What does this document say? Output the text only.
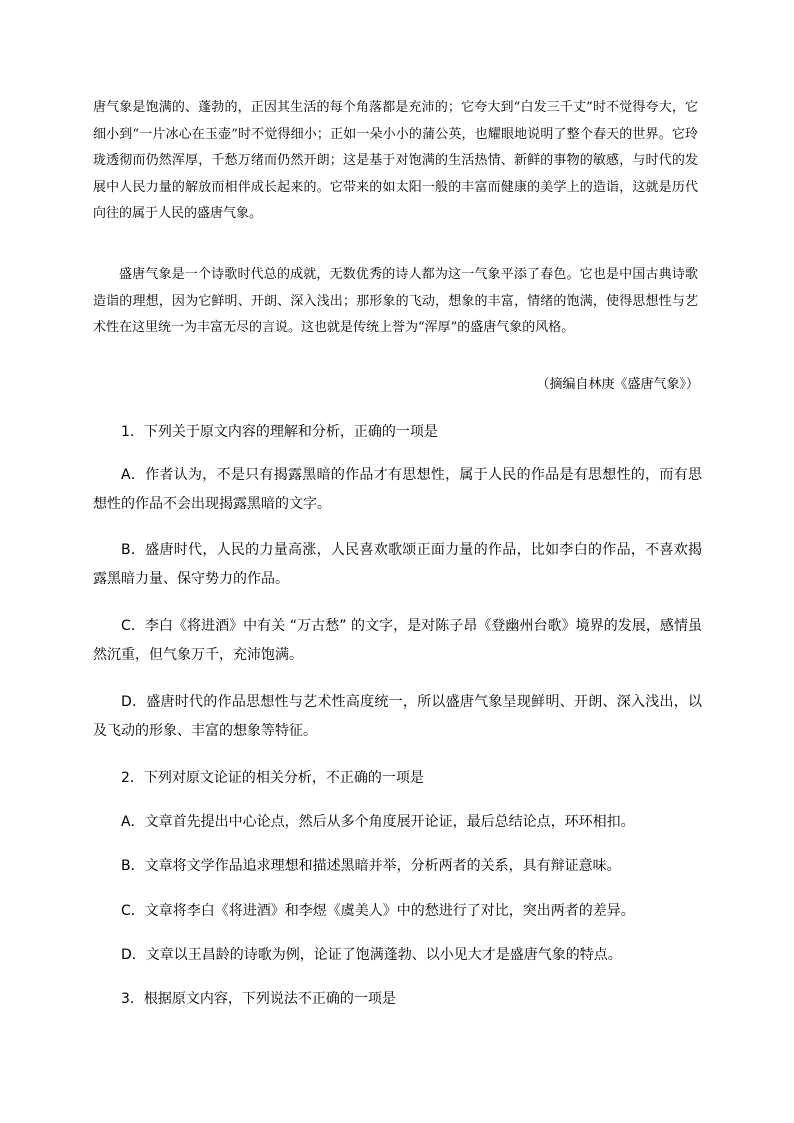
唐气象是饱满的、蓬勃的，正因其生活的每个角落都是充沛的；它夸大到“白发三千丈”时不觉得夸大，它细小到“一片冰心在玉壶”时不觉得细小；正如一朵小小的蒲公英，也耀眼地说明了整个春天的世界。它玲珑透彻而仍然浑厚，千愁万绪而仍然开朗；这是基于对饱满的生活热情、新鲜的事物的敏感，与时代的发展中人民力量的解放而相伴成长起来的。它带来的如太阳一般的丰富而健康的美学上的造诣，这就是历代向往的属于人民的盛唐气象。

盛唐气象是一个诗歌时代总的成就，无数优秀的诗人都为这一气象平添了春色。它也是中国古典诗歌造诣的理想，因为它鲜明、开朗、深入浅出；那形象的飞动，想象的丰富，情绪的饱满，使得思想性与艺术性在这里统一为丰富无尽的言说。这也就是传统上誉为“浑厚”的盛唐气象的风格。

（摘编自林庚《盛唐气象》）

1．下列关于原文内容的理解和分析，正确的一项是

A．作者认为，不是只有揭露黑暗的作品才有思想性，属于人民的作品是有思想性的，而有思想性的作品不会出现揭露黑暗的文字。

B．盛唐时代，人民的力量高涨，人民喜欢歌颂正面力量的作品，比如李白的作品，不喜欢揭露黑暗力量、保守势力的作品。

C．李白《将进酒》中有关 “万古愁” 的文字，是对陈子昂《登幽州台歌》境界的发展，感情虽然沉重，但气象万千，充沛饱满。

D．盛唐时代的作品思想性与艺术性高度统一，所以盛唐气象呈现鲜明、开朗、深入浅出，以及飞动的形象、丰富的想象等特征。

2．下列对原文论证的相关分析，不正确的一项是

A．文章首先提出中心论点，然后从多个角度展开论证，最后总结论点，环环相扣。

B．文章将文学作品追求理想和描述黑暗并举，分析两者的关系，具有辩证意味。

C．文章将李白《将进酒》和李煜《虞美人》中的愁进行了对比，突出两者的差异。

D．文章以王昌龄的诗歌为例，论证了饱满蓬勃、以小见大才是盛唐气象的特点。

3．根据原文内容，下列说法不正确的一项是
